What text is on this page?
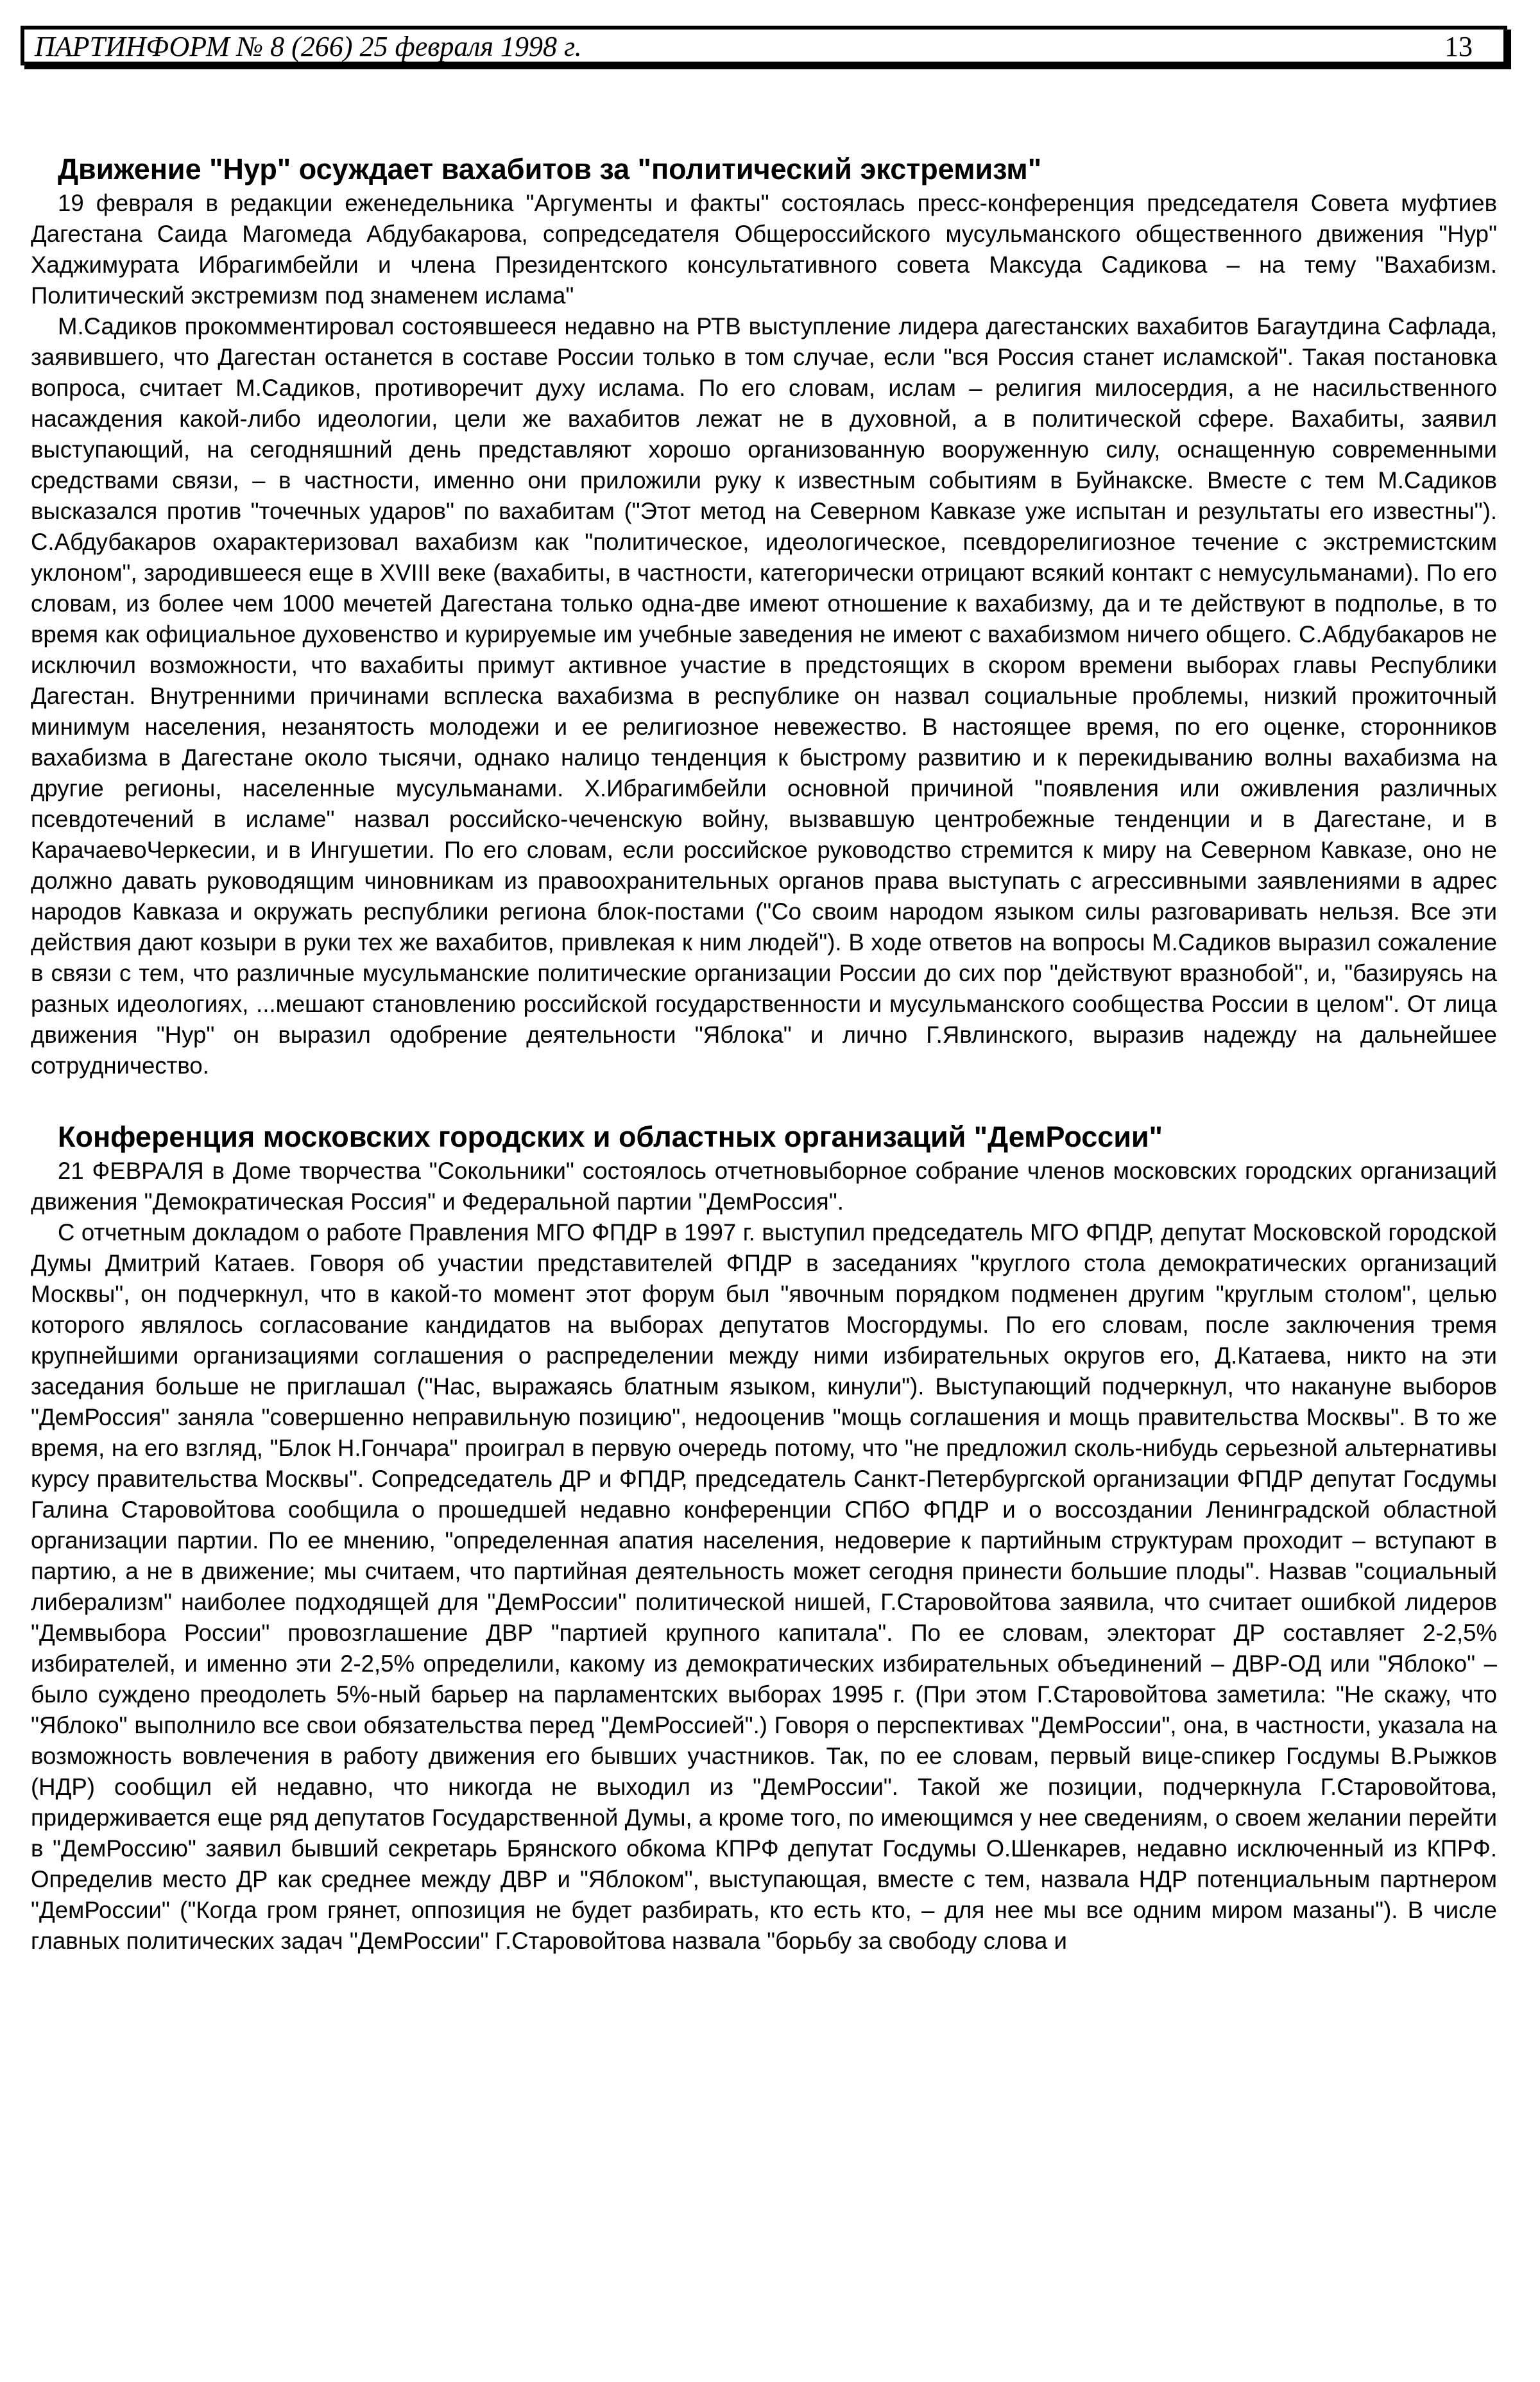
ПАРТИНФОРМ № 8 (266) 25 февраля 1998 г.	13
Движение "Нур" осуждает вахабитов за "политический экстремизм"

19 февраля в редакции еженедельника "Аргументы и факты" состоялась пресс-конференция председателя Совета муфтиев Дагестана Саида Магомеда Абдубакарова, сопредседателя Общероссийского мусульманского общественного движения "Нур" Хаджимурата Ибрагимбейли и члена Президентского консультативного совета Максуда Садикова – на тему "Вахабизм. Политический экстремизм под знаменем ислама"

М.Садиков прокомментировал состоявшееся недавно на РТВ выступление лидера дагестанских вахабитов Багаутдина Сафлада, заявившего, что Дагестан останется в составе России только в том случае, если "вся Россия станет исламской". Такая постановка вопроса, считает М.Садиков, противоречит духу ислама. По его словам, ислам – религия милосердия, а не насильственного насаждения какой-либо идеологии, цели же вахабитов лежат не в духовной, а в политической сфере. Вахабиты, заявил выступающий, на сегодняшний день представляют хорошо организованную вооруженную силу, оснащенную современными средствами связи, – в частности, именно они приложили руку к известным событиям в Буйнакске. Вместе с тем М.Садиков высказался против "точечных ударов" по вахабитам ("Этот метод на Северном Кавказе уже испытан и результаты его известны"). С.Абдубакаров охарактеризовал вахабизм как "политическое, идеологическое, псевдорелигиозное течение с экстремистским уклоном", зародившееся еще в XVIII веке (вахабиты, в частности, категорически отрицают всякий контакт с немусульманами). По его словам, из более чем 1000 мечетей Дагестана только одна-две имеют отношение к вахабизму, да и те действуют в подполье, в то время как официальное духовенство и курируемые им учебные заведения не имеют с вахабизмом ничего общего. С.Абдубакаров не исключил возможности, что вахабиты примут активное участие в предстоящих в скором времени выборах главы Республики Дагестан. Внутренними причинами всплеска вахабизма в республике он назвал социальные проблемы, низкий прожиточный минимум населения, незанятость молодежи и ее религиозное невежество. В настоящее время, по его оценке, сторонников вахабизма в Дагестане около тысячи, однако налицо тенденция к быстрому развитию и к перекидыванию волны вахабизма на другие регионы, населенные мусульманами. Х.Ибрагимбейли основной причиной "появления или оживления различных псевдотечений в исламе" назвал российско-чеченскую войну, вызвавшую центробежные тенденции и в Дагестане, и в КарачаевоЧеркесии, и в Ингушетии. По его словам, если российское руководство стремится к миру на Северном Кавказе, оно не должно давать руководящим чиновникам из правоохранительных органов права выступать с агрессивными заявлениями в адрес народов Кавказа и окружать республики региона блок-постами ("Со своим народом языком силы разговаривать нельзя. Все эти действия дают козыри в руки тех же вахабитов, привлекая к ним людей"). В ходе ответов на вопросы М.Садиков выразил сожаление в связи с тем, что различные мусульманские политические организации России до сих пор "действуют вразнобой", и, "базируясь на разных идеологиях, ...мешают становлению российской государственности и мусульманского сообщества России в целом". От лица движения "Нур" он выразил одобрение деятельности "Яблока" и лично Г.Явлинского, выразив надежду на дальнейшее сотрудничество.

Конференция московских городских и областных организаций "ДемРоссии"

21 ФЕВРАЛЯ в Доме творчества "Сокольники" состоялось отчетновыборное собрание членов московских городских организаций движения "Демократическая Россия" и Федеральной партии "ДемРоссия".

С отчетным докладом о работе Правления МГО ФПДР в 1997 г. выступил председатель МГО ФПДР, депутат Московской городской Думы Дмитрий Катаев. Говоря об участии представителей ФПДР в заседаниях "круглого стола демократических организаций Москвы", он подчеркнул, что в какой-то момент этот форум был "явочным порядком подменен другим "круглым столом", целью которого являлось согласование кандидатов на выборах депутатов Мосгордумы. По его словам, после заключения тремя крупнейшими организациями соглашения о распределении между ними избирательных округов его, Д.Катаева, никто на эти заседания больше не приглашал ("Нас, выражаясь блатным языком, кинули"). Выступающий подчеркнул, что накануне выборов "ДемРоссия" заняла "совершенно неправильную позицию", недооценив "мощь соглашения и мощь правительства Москвы". В то же время, на его взгляд, "Блок Н.Гончара" проиграл в первую очередь потому, что "не предложил сколь-нибудь серьезной альтернативы курсу правительства Москвы". Сопредседатель ДР и ФПДР, председатель Санкт-Петербургской организации ФПДР депутат Госдумы Галина Старовойтова сообщила о прошедшей недавно конференции СПбО ФПДР и о воссоздании Ленинградской областной организации партии. По ее мнению, "определенная апатия населения, недоверие к партийным структурам проходит – вступают в партию, а не в движение; мы считаем, что партийная деятельность может сегодня принести большие плоды". Назвав "социальный либерализм" наиболее подходящей для "ДемРоссии" политической нишей, Г.Старовойтова заявила, что считает ошибкой лидеров "Демвыбора России" провозглашение ДВР "партией крупного капитала". По ее словам, электорат ДР составляет 2-2,5% избирателей, и именно эти 2-2,5% определили, какому из демократических избирательных объединений – ДВР-ОД или "Яблоко" – было суждено преодолеть 5%-ный барьер на парламентских выборах 1995 г. (При этом Г.Старовойтова заметила: "Не скажу, что "Яблоко" выполнило все свои обязательства перед "ДемРоссией".) Говоря о перспективах "ДемРоссии", она, в частности, указала на возможность вовлечения в работу движения его бывших участников. Так, по ее словам, первый вице-спикер Госдумы В.Рыжков (НДР) сообщил ей недавно, что никогда не выходил из "ДемРоссии". Такой же позиции, подчеркнула Г.Старовойтова, придерживается еще ряд депутатов Государственной Думы, а кроме того, по имеющимся у нее сведениям, о своем желании перейти в "ДемРоссию" заявил бывший секретарь Брянского обкома КПРФ депутат Госдумы О.Шенкарев, недавно исключенный из КПРФ. Определив место ДР как среднее между ДВР и "Яблоком", выступающая, вместе с тем, назвала НДР потенциальным партнером "ДемРоссии" ("Когда гром грянет, оппозиция не будет разбирать, кто есть кто, – для нее мы все одним миром мазаны"). В числе главных политических задач "ДемРоссии" Г.Старовойтова назвала "борьбу за свободу слова и
